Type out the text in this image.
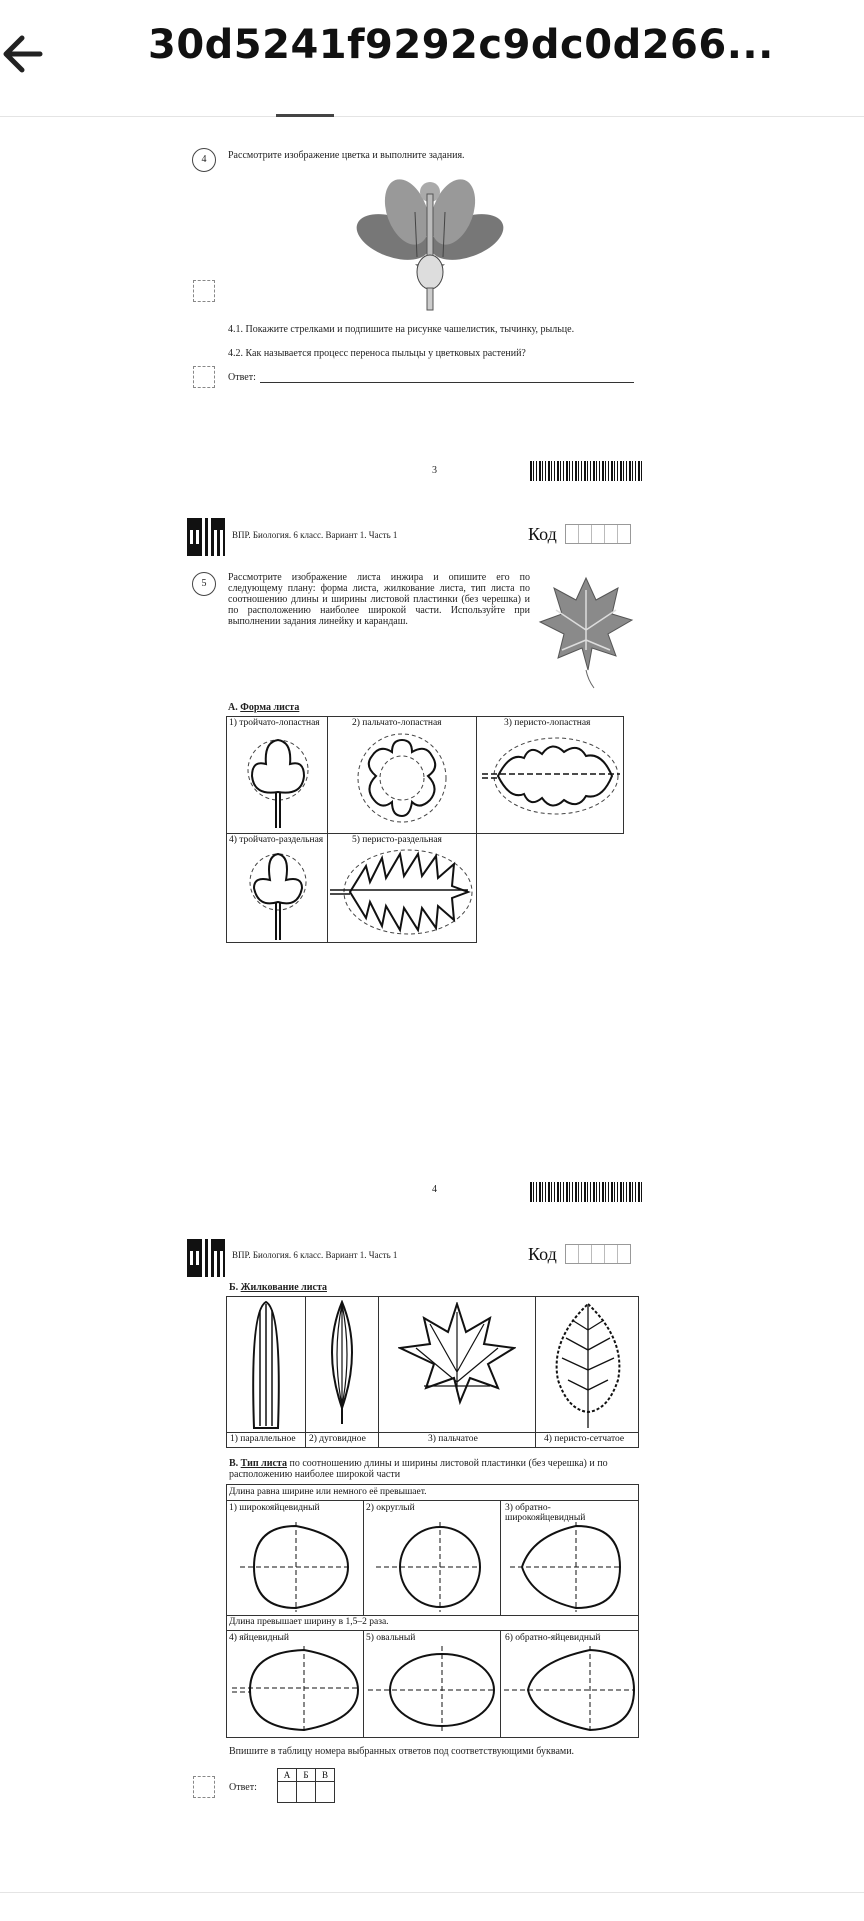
30d5241f9292c9dc0d266...
4	Рассмотрите изображение цветка и выполните задания.
4.1. Покажите стрелками и подпишите на рисунке чашелистик, тычинку, рыльце.
4.2. Как называется процесс переноса пыльцы у цветковых растений?
Ответ:
3
ВПР. Биология. 6 класс. Вариант 1. Часть 1	Код
5
Рассмотрите изображение листа инжира и опишите его по следующему плану: форма листа, жилкование листа, тип листа по соотношению длины и ширины листовой пластинки (без черешка) и по расположению наиболее широкой части. Используйте при выполнении задания линейку и карандаш.
А. Форма листа
1) тройчато-лопастная	2) пальчато-лопастная	3) перисто-лопастная
4) тройчато-раздельная	5) перисто-раздельная
4
ВПР. Биология. 6 класс. Вариант 1. Часть 1	Код
Б. Жилкование листа
1) параллельное 2) дуговидное	3) пальчатое	4) перисто-сетчатое
В. Тип листа по соотношению длины и ширины листовой пластинки (без черешка) и по расположению наиболее широкой части
Длина равна ширине или немного её превышает.
1) широкояйцевидный	2) округлый	3) обратно-
широкояйцевидный
Длина превышает ширину в 1,5–2 раза.
4) яйцевидный	5) овальный	6) обратно-яйцевидный
Впишите в таблицу номера выбранных ответов под соответствующими буквами.
Ответ:
А	Б	В
